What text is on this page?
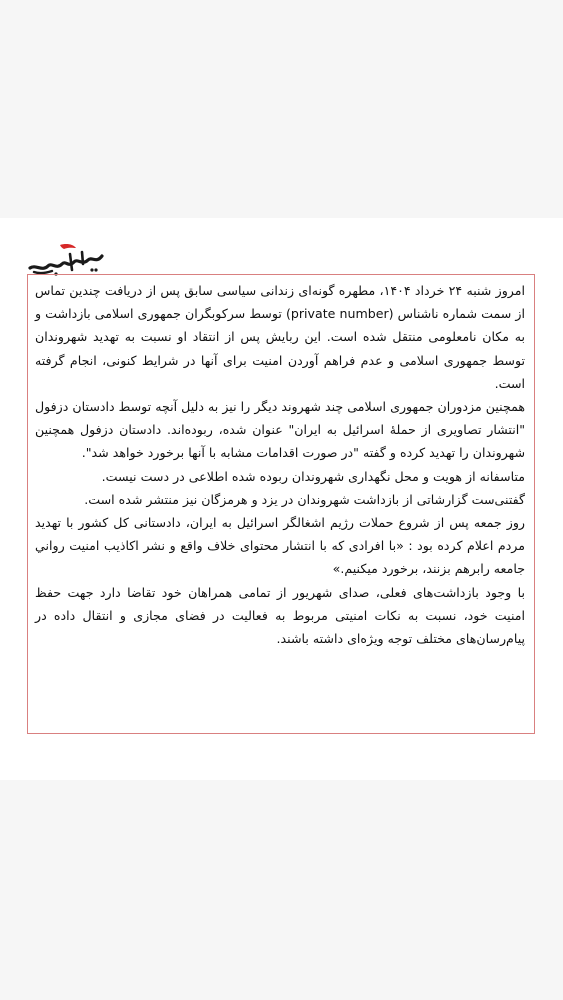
امروز شنبه ۲۴ خرداد ۱۴۰۴، مطهره گونه‌ای زندانی سیاسی سابق پس از دریافت چندین تماس از سمت شماره ناشناس (private number) توسط سرکوبگران جمهوری اسلامی بازداشت و به مکان نامعلومی منتقل شده است. این ربایش پس از انتقاد او نسبت به تهدید شهروندان توسط جمهوری اسلامی و عدم فراهم آوردن امنیت برای آنها در شرایط کنونی، انجام گرفته است.

همچنین مزدوران جمهوری اسلامی چند شهروند دیگر را نیز به دلیل آنچه توسط دادستان دزفول "انتشار تصاویری از حملهٔ اسرائیل به ایران" عنوان شده، ربوده‌اند. دادستان دزفول همچنین شهروندان را تهدید کرده و گفته "در صورت اقدامات مشابه با آنها برخورد خواهد شد".

متاسفانه از هویت و محل نگهداری شهروندان ربوده شده اطلاعی در دست نیست.

گفتنی‌ست گزارشاتی از بازداشت شهروندان در یزد و هرمزگان نیز منتشر شده است.

روز جمعه پس از شروع حملات رژیم اشغالگر اسرائیل به ایران، دادستانی کل کشور با تهدید مردم اعلام کرده بود : «با افرادی که با انتشار محتوای خلاف واقع و نشر اکاذیب امنیت رواني جامعه رابرهم بزنند، برخورد میکنیم.»

با وجود بازداشت‌های فعلی، صدای شهریور از تمامی همراهان خود تقاضا دارد جهت حفظ امنیت خود، نسبت به نکات امنیتی مربوط به فعالیت در فضای مجازی و انتقال داده در پیام‌رسان‌های مختلف توجه ویژه‌ای داشته باشند.
